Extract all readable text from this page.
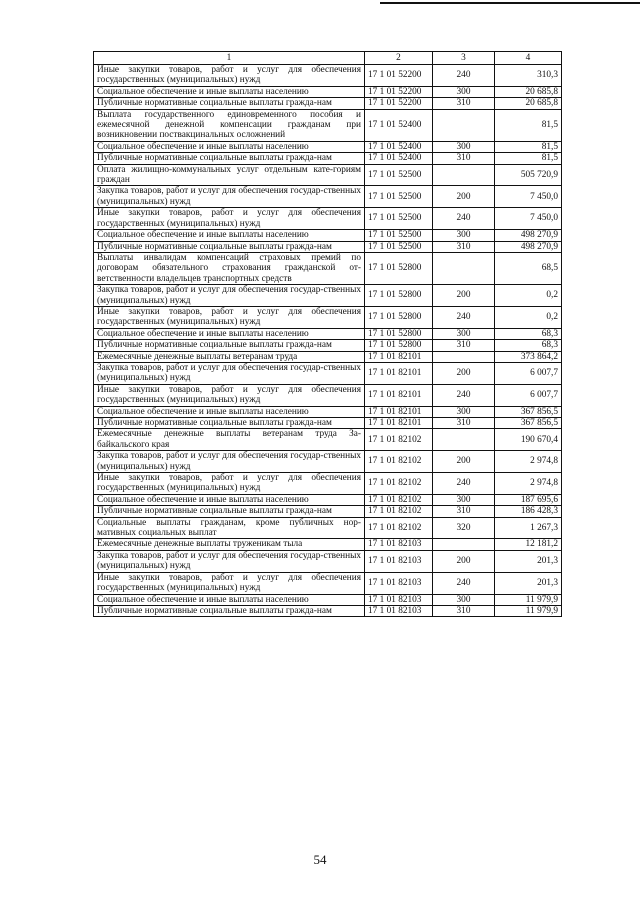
1	2	3	4
Иные закупки товаров, работ и услуг для обеспечения государственных (муниципальных) нужд	17 1 01 52200	240	310,3
Социальное обеспечение и иные выплаты населению	17 1 01 52200	300	20 685,8
Публичные нормативные социальные выплаты гражда-нам	17 1 01 52200	310	20 685,8
Выплата государственного единовременного пособия и ежемесячной денежной компенсации гражданам при возникновении поствакцинальных осложнений	17 1 01 52400		81,5
Социальное обеспечение и иные выплаты населению	17 1 01 52400	300	81,5
Публичные нормативные социальные выплаты гражда-нам	17 1 01 52400	310	81,5
Оплата жилищно-коммунальных услуг отдельным кате-гориям граждан	17 1 01 52500		505 720,9
Закупка товаров, работ и услуг для обеспечения государ-ственных (муниципальных) нужд	17 1 01 52500	200	7 450,0
Иные закупки товаров, работ и услуг для обеспечения государственных (муниципальных) нужд	17 1 01 52500	240	7 450,0
Социальное обеспечение и иные выплаты населению	17 1 01 52500	300	498 270,9
Публичные нормативные социальные выплаты гражда-нам	17 1 01 52500	310	498 270,9
Выплаты инвалидам компенсаций страховых премий по договорам обязательного страхования гражданской от-ветственности владельцев транспортных средств	17 1 01 52800		68,5
Закупка товаров, работ и услуг для обеспечения государ-ственных (муниципальных) нужд	17 1 01 52800	200	0,2
Иные закупки товаров, работ и услуг для обеспечения государственных (муниципальных) нужд	17 1 01 52800	240	0,2
Социальное обеспечение и иные выплаты населению	17 1 01 52800	300	68,3
Публичные нормативные социальные выплаты гражда-нам	17 1 01 52800	310	68,3
Ежемесячные денежные выплаты ветеранам труда	17 1 01 82101		373 864,2
Закупка товаров, работ и услуг для обеспечения государ-ственных (муниципальных) нужд	17 1 01 82101	200	6 007,7
Иные закупки товаров, работ и услуг для обеспечения государственных (муниципальных) нужд	17 1 01 82101	240	6 007,7
Социальное обеспечение и иные выплаты населению	17 1 01 82101	300	367 856,5
Публичные нормативные социальные выплаты гражда-нам	17 1 01 82101	310	367 856,5
Ежемесячные денежные выплаты ветеранам труда За-байкальского края	17 1 01 82102		190 670,4
Закупка товаров, работ и услуг для обеспечения государ-ственных (муниципальных) нужд	17 1 01 82102	200	2 974,8
Иные закупки товаров, работ и услуг для обеспечения государственных (муниципальных) нужд	17 1 01 82102	240	2 974,8
Социальное обеспечение и иные выплаты населению	17 1 01 82102	300	187 695,6
Публичные нормативные социальные выплаты гражда-нам	17 1 01 82102	310	186 428,3
Социальные выплаты гражданам, кроме публичных нор-мативных социальных выплат	17 1 01 82102	320	1 267,3
Ежемесячные денежные выплаты труженикам тыла	17 1 01 82103		12 181,2
Закупка товаров, работ и услуг для обеспечения государ-ственных (муниципальных) нужд	17 1 01 82103	200	201,3
Иные закупки товаров, работ и услуг для обеспечения государственных (муниципальных) нужд	17 1 01 82103	240	201,3
Социальное обеспечение и иные выплаты населению	17 1 01 82103	300	11 979,9
Публичные нормативные социальные выплаты гражда-нам	17 1 01 82103	310	11 979,9
54
